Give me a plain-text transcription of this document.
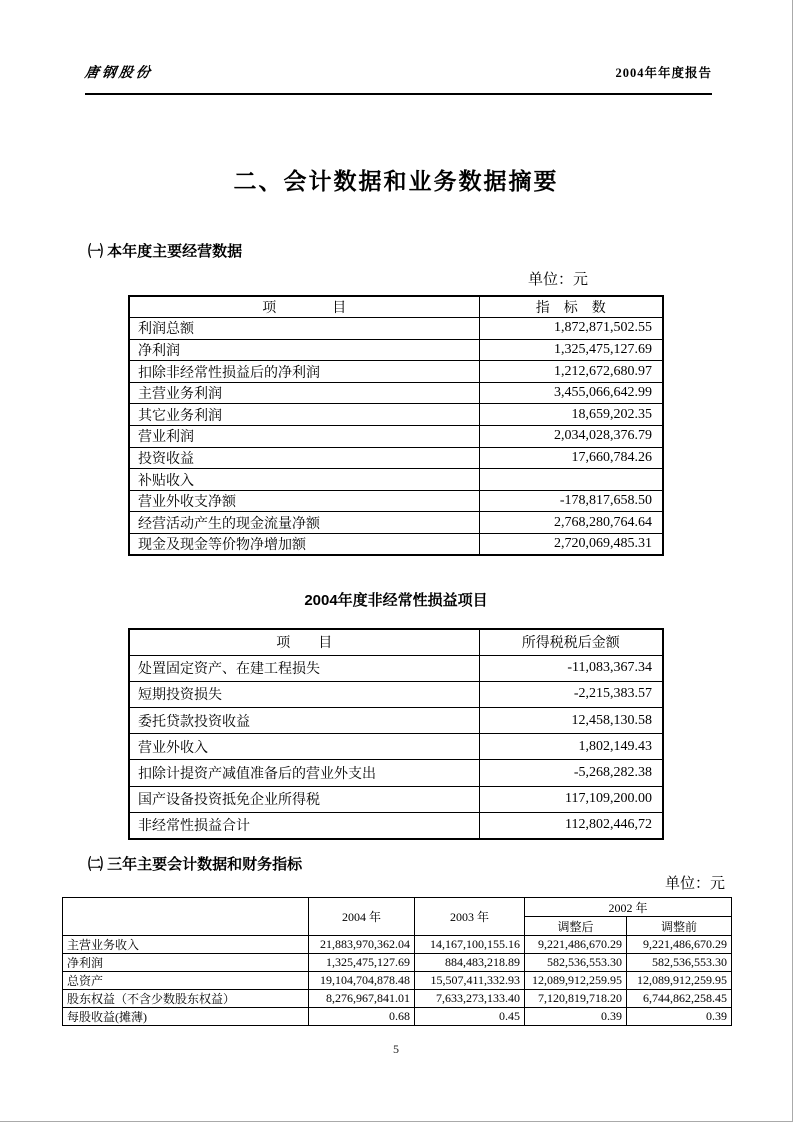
唐钢股份	2004年年度报告
二、会计数据和业务数据摘要
㈠ 本年度主要经营数据
单位：元
项　　　　目	指　标　数
利润总额	1,872,871,502.55
净利润	1,325,475,127.69
扣除非经常性损益后的净利润	1,212,672,680.97
主营业务利润	3,455,066,642.99
其它业务利润	18,659,202.35
营业利润	2,034,028,376.79
投资收益	17,660,784.26
补贴收入	
营业外收支净额	-178,817,658.50
经营活动产生的现金流量净额	2,768,280,764.64
现金及现金等价物净增加额	2,720,069,485.31
2004年度非经常性损益项目
项　　目	所得税税后金额
处置固定资产、在建工程损失	-11,083,367.34
短期投资损失	-2,215,383.57
委托贷款投资收益	12,458,130.58
营业外收入	1,802,149.43
扣除计提资产减值准备后的营业外支出	-5,268,282.38
国产设备投资抵免企业所得税	117,109,200.00
非经常性损益合计	112,802,446,72
㈡ 三年主要会计数据和财务指标
单位：元
	2004 年	2003 年	2002 年	
			调整后	调整前
主营业务收入	21,883,970,362.04	14,167,100,155.16	9,221,486,670.29	9,221,486,670.29
净利润	1,325,475,127.69	884,483,218.89	582,536,553.30	582,536,553.30
总资产	19,104,704,878.48	15,507,411,332.93	12,089,912,259.95	12,089,912,259.95
股东权益（不含少数股东权益）	8,276,967,841.01	7,633,273,133.40	7,120,819,718.20	6,744,862,258.45
每股收益(摊薄)	0.68	0.45	0.39	0.39
5
